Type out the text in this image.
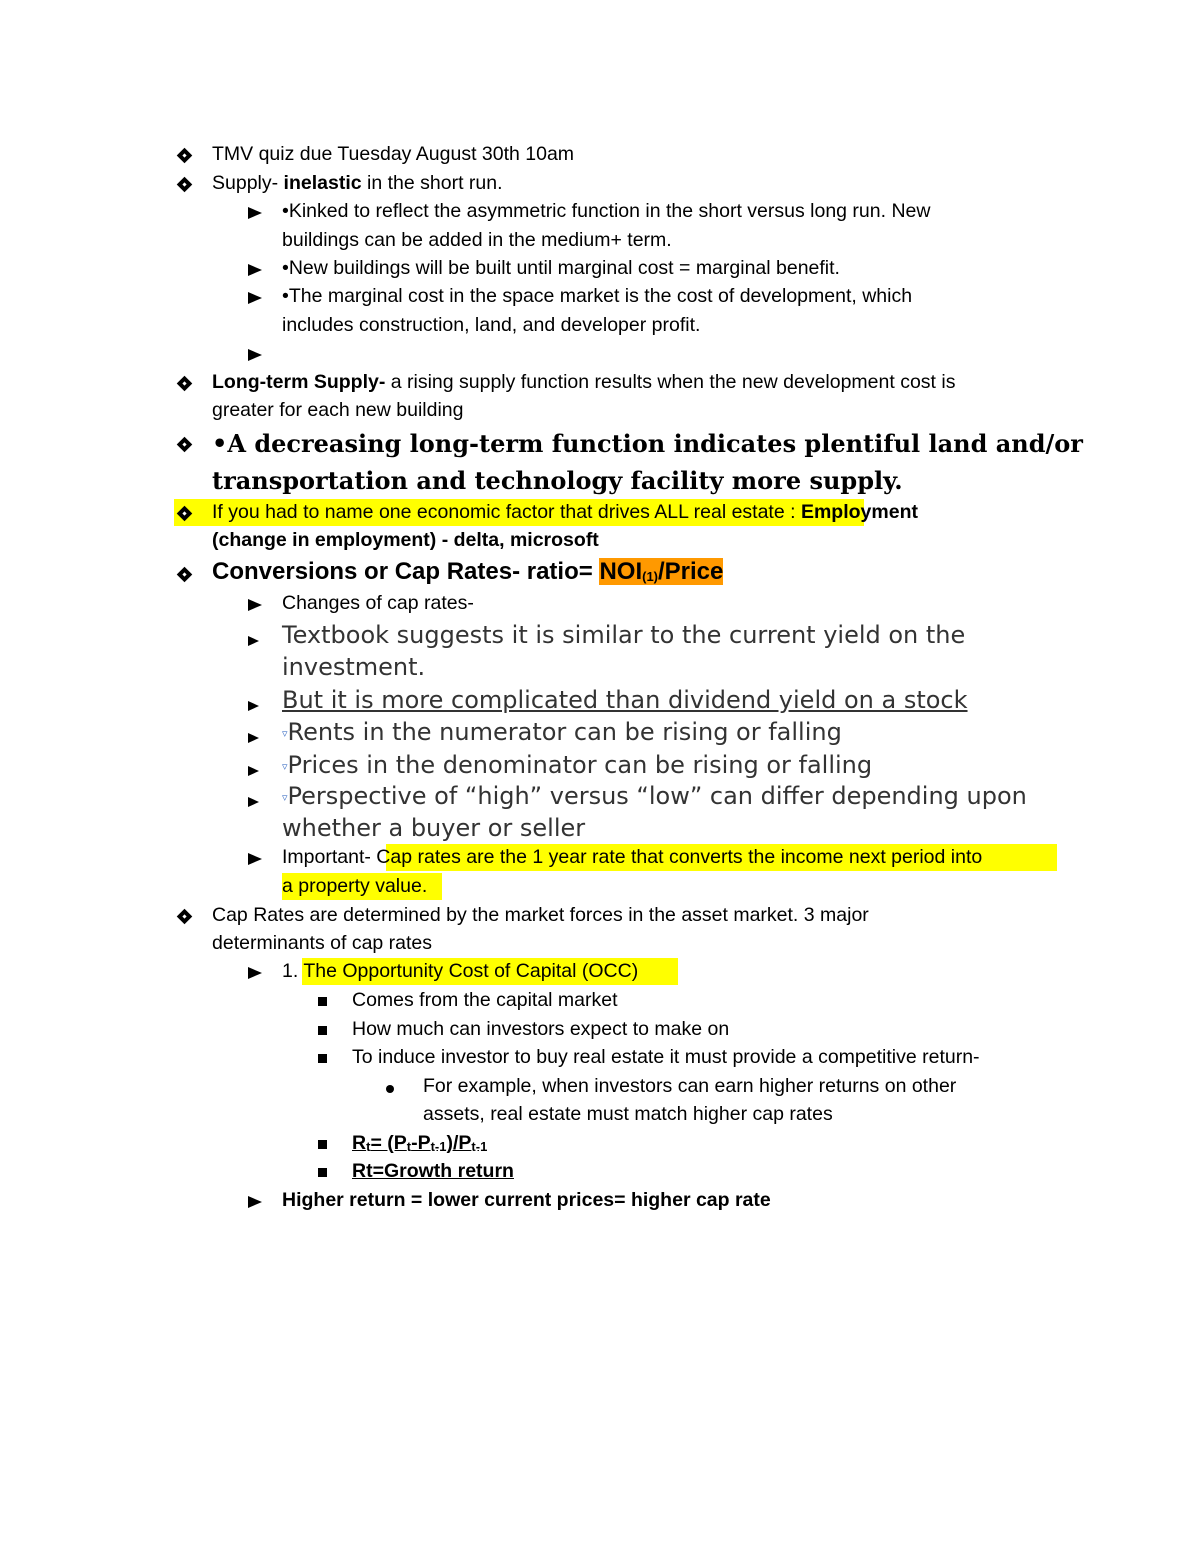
TMV quiz due Tuesday August 30th 10am
Supply- inelastic in the short run.
•Kinked to reflect the asymmetric function in the short versus long run. New
buildings can be added in the medium+ term.
•New buildings will be built until marginal cost = marginal benefit.
•The marginal cost in the space market is the cost of development, which
includes construction, land, and developer profit.
Long-term Supply- a rising supply function results when the new development cost is
greater for each new building
•A decreasing long-term function indicates plentiful land and/or
transportation and technology facility more supply.
If you had to name one economic factor that drives ALL real estate : Employment
(change in employment) - delta, microsoft
Conversions or Cap Rates- ratio= NOI(1)/Price
Changes of cap rates-
Textbook suggests it is similar to the current yield on the
investment.
But it is more complicated than dividend yield on a stock
▿Rents in the numerator can be rising or falling
▿Prices in the denominator can be rising or falling
▿Perspective of “high” versus “low” can differ depending upon
whether a buyer or seller
Important- Cap rates are the 1 year rate that converts the income next period into
a property value.
Cap Rates are determined by the market forces in the asset market. 3 major
determinants of cap rates
1. The Opportunity Cost of Capital (OCC)
Comes from the capital market
How much can investors expect to make on
To induce investor to buy real estate it must provide a competitive return-
For example, when investors can earn higher returns on other
assets, real estate must match higher cap rates
Rt= (Pt-Pt-1)/Pt-1
Rt=Growth return
Higher return = lower current prices= higher cap rate
